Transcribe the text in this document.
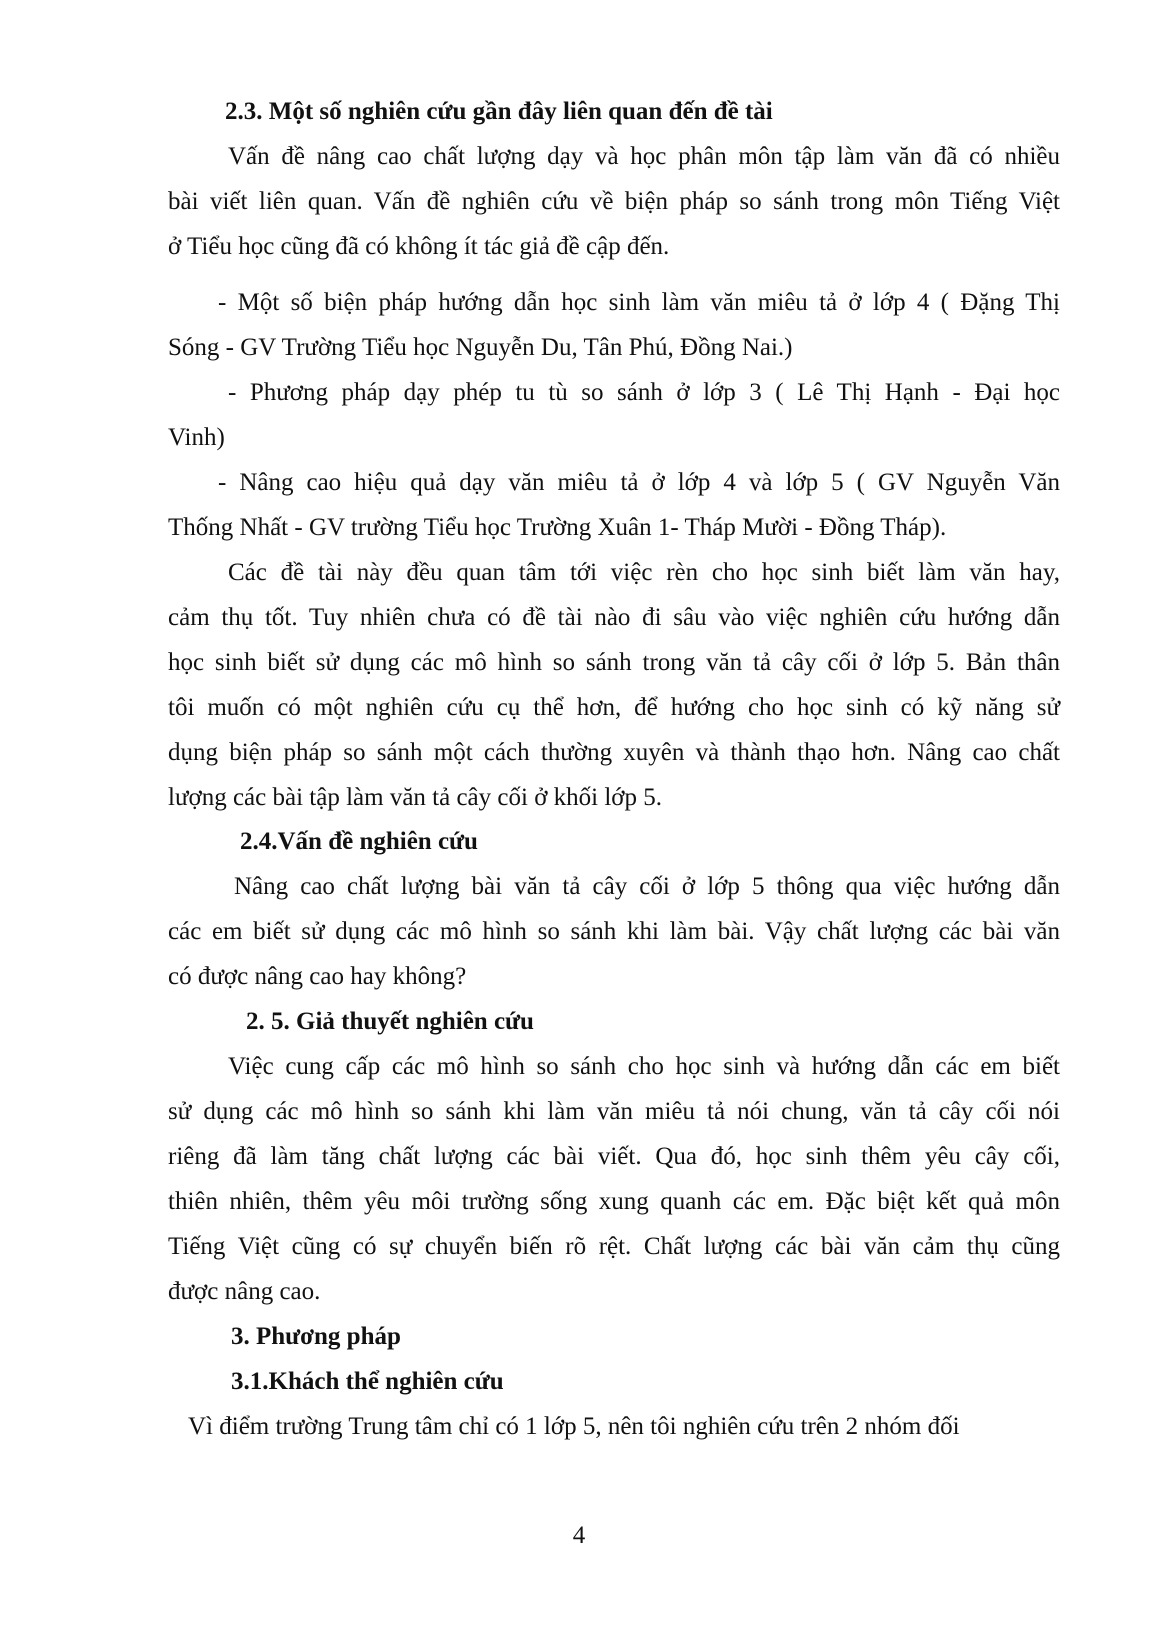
2.3. Một số nghiên cứu gần đây liên quan đến đề tài
Vấn đề nâng cao chất lượng dạy và học phân môn tập làm văn đã có nhiều
bài viết liên quan. Vấn đề nghiên cứu về biện pháp so sánh trong môn Tiếng Việt
ở Tiểu học cũng đã có không ít tác giả đề cập đến.
- Một số biện pháp hướng dẫn học sinh làm văn miêu tả ở lớp 4 ( Đặng Thị
Sóng - GV Trường Tiểu học Nguyễn Du, Tân Phú, Đồng Nai.)
- Phương pháp dạy phép tu tù so sánh ở lớp 3 ( Lê Thị Hạnh - Đại học
Vinh)
- Nâng cao hiệu quả dạy văn miêu tả ở lớp 4 và lớp 5 ( GV Nguyễn Văn
Thống Nhất - GV trường Tiểu học Trường Xuân 1- Tháp Mười - Đồng Tháp).
Các đề tài này đều quan tâm tới việc rèn cho học sinh biết làm văn hay,
cảm thụ tốt. Tuy nhiên chưa có đề tài nào đi sâu vào việc nghiên cứu hướng dẫn
học sinh biết sử dụng các mô hình so sánh trong văn tả cây cối ở lớp 5. Bản thân
tôi muốn có một nghiên cứu cụ thể hơn, để hướng cho học sinh có kỹ năng sử
dụng biện pháp so sánh một cách thường xuyên và thành thạo hơn. Nâng cao chất
lượng các bài tập làm văn tả cây cối ở khối lớp 5.
2.4.Vấn đề nghiên cứu
Nâng cao chất lượng bài văn tả cây cối ở lớp 5 thông qua việc hướng dẫn
các em biết sử dụng các mô hình so sánh khi làm bài. Vậy chất lượng các bài văn
có được nâng cao hay không?
2. 5. Giả thuyết nghiên cứu
Việc cung cấp các mô hình so sánh cho học sinh và hướng dẫn các em biết
sử dụng các mô hình so sánh khi làm văn miêu tả nói chung, văn tả cây cối nói
riêng đã làm tăng chất lượng các bài viết. Qua đó, học sinh thêm yêu cây cối,
thiên nhiên, thêm yêu môi trường sống xung quanh các em. Đặc biệt kết quả môn
Tiếng Việt cũng có sự chuyển biến rõ rệt. Chất lượng các bài văn cảm thụ cũng
được nâng cao.
3. Phương pháp
3.1.Khách thể nghiên cứu
Vì điểm trường Trung tâm chỉ có 1 lớp 5, nên tôi nghiên cứu trên 2 nhóm đối
4
